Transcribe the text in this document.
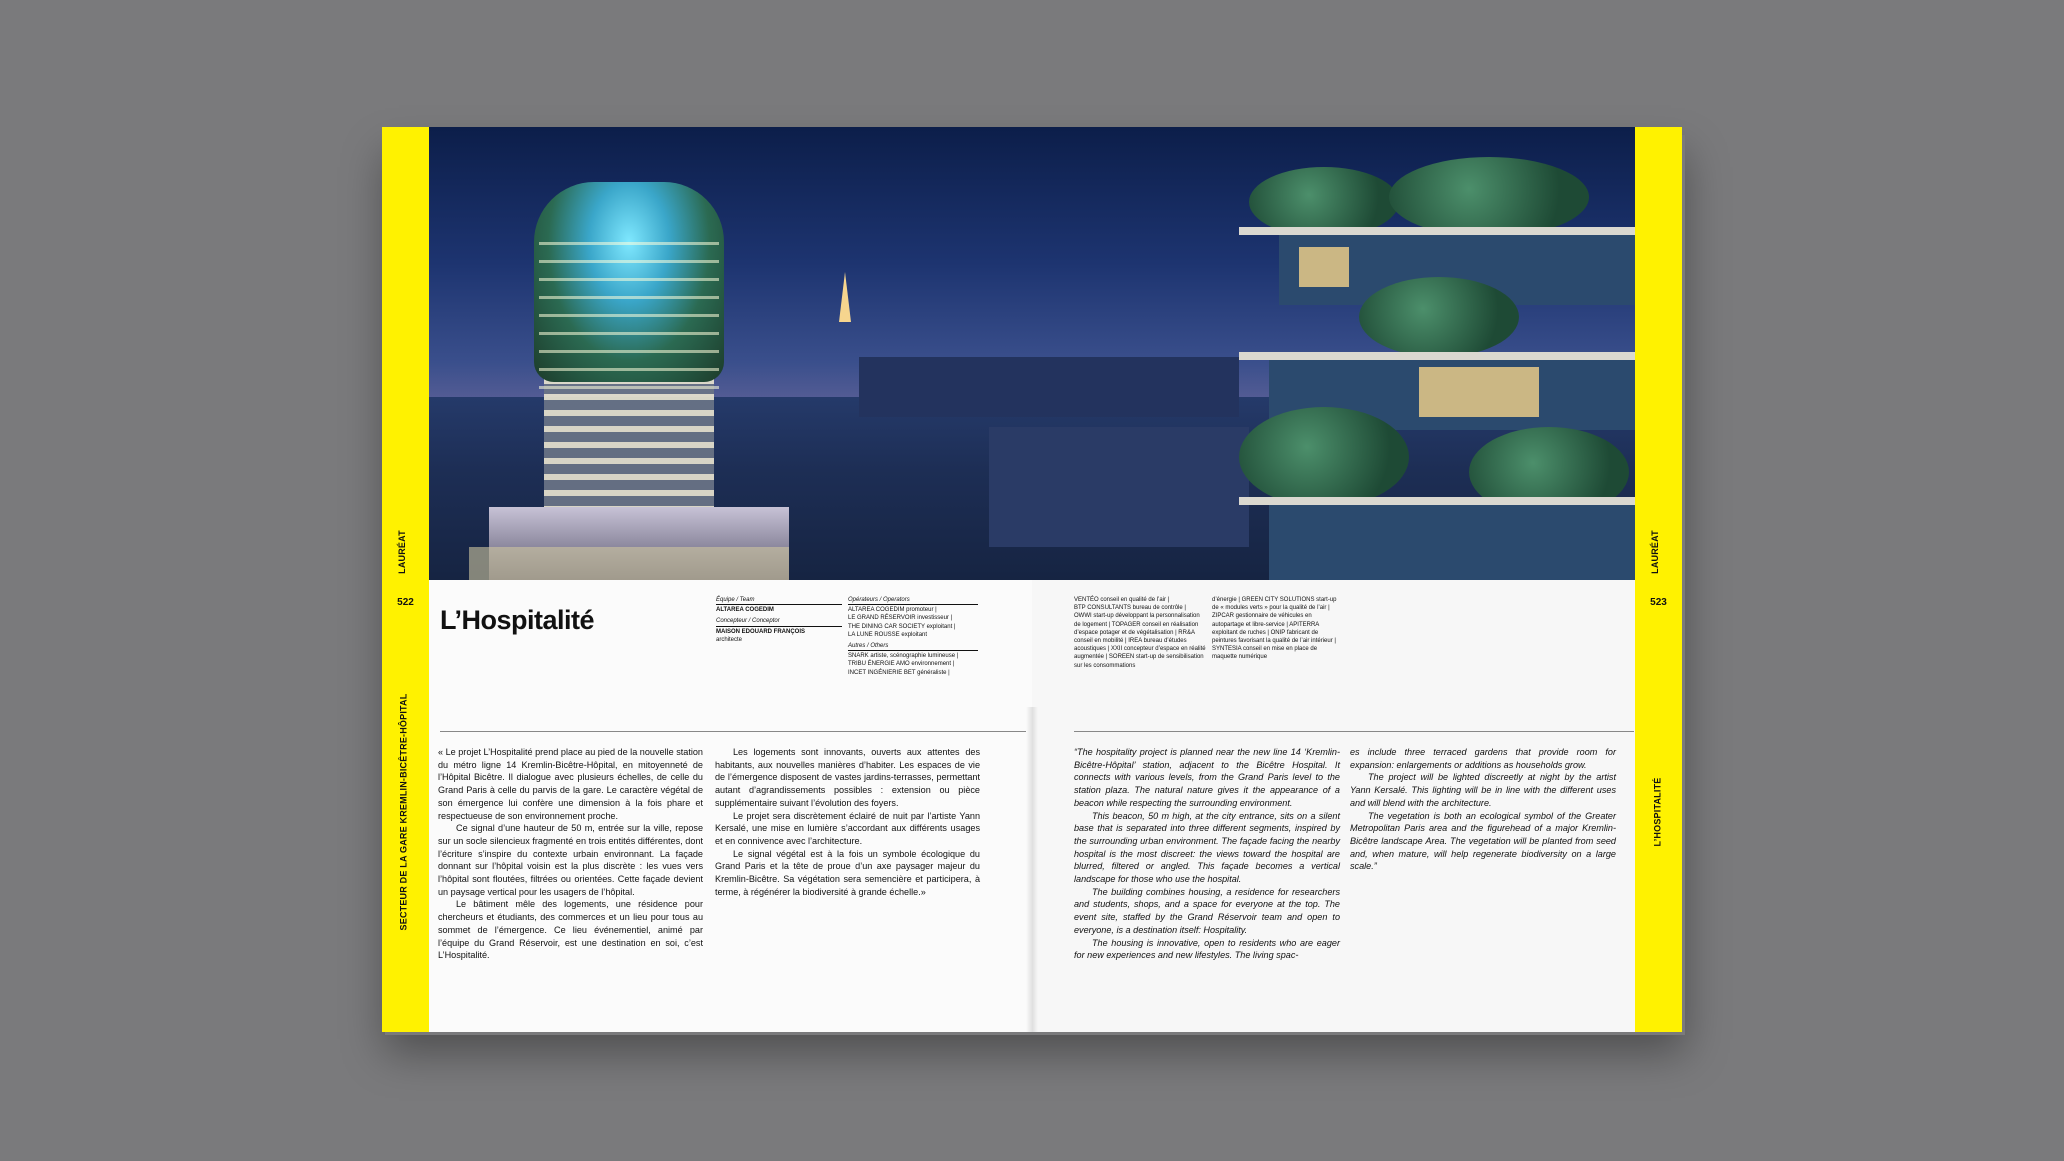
LAURÉAT
522
SECTEUR DE LA GARE KREMLIN-BICÊTRE-HÔPITAL
L’Hospitalité
Équipe / Team
ALTAREA COGEDIM
Concepteur / Conceptor
MAISON EDOUARD FRANÇOIS
architecte
Opérateurs / Operators
ALTAREA COGEDIM promoteur |
LE GRAND RÉSERVOIR investisseur |
THE DINING CAR SOCIETY exploitant |
LA LUNE ROUSSE exploitant
Autres / Others
SNARK artiste, scénographie lumineuse |
TRIBU ÉNERGIE AMO environnement |
INCET INGÉNIERIE BET généraliste |

« Le projet L’Hospitalité prend place au pied de la nouvelle station du métro ligne 14 Kremlin-Bicêtre-Hôpital, en mitoyenneté de l’Hôpital Bicêtre. Il dialogue avec plusieurs échelles, de celle du Grand Paris à celle du parvis de la gare. Le caractère végétal de son émergence lui confère une dimension à la fois phare et respectueuse de son environnement proche.

Ce signal d’une hauteur de 50 m, entrée sur la ville, repose sur un socle silencieux fragmenté en trois entités différentes, dont l’écriture s’inspire du contexte urbain environnant. La façade donnant sur l’hôpital voisin est la plus discrète : les vues vers l’hôpital sont floutées, filtrées ou orientées. Cette façade devient un paysage vertical pour les usagers de l’hôpital.

Le bâtiment mêle des logements, une résidence pour chercheurs et étudiants, des commerces et un lieu pour tous au sommet de l’émergence. Ce lieu événementiel, animé par l’équipe du Grand Réservoir, est une destination en soi, c’est L’Hospitalité.

Les logements sont innovants, ouverts aux attentes des habitants, aux nouvelles manières d’habiter. Les espaces de vie de l’émergence disposent de vastes jardins-terrasses, permettant autant d’agrandissements possibles : extension ou pièce supplémentaire suivant l’évolution des foyers.

Le projet sera discrètement éclairé de nuit par l’artiste Yann Kersalé, une mise en lumière s’accordant aux différents usages et en connivence avec l’architecture.

Le signal végétal est à la fois un symbole écologique du Grand Paris et la tête de proue d’un axe paysager majeur du Kremlin-Bicêtre. Sa végétation sera semencière et participera, à terme, à régénérer la biodiversité à grande échelle.»

LAURÉAT
523
L’HOSPITALITÉ
VENTÉO conseil en qualité de l’air |
BTP CONSULTANTS bureau de contrôle |
OWWI start-up développant la personnalisation de logement | TOPAGER conseil en réalisation d’espace potager et de végétalisation | RR&A conseil en mobilité | IREA bureau d’études acoustiques | XXII concepteur d’espace en réalité augmentée | SOREEN start-up de sensibilisation sur les consommations
d’énergie | GREEN CITY SOLUTIONS start-up de « modules verts » pour la qualité de l’air | ZIPCAR gestionnaire de véhicules en autopartage et libre-service | APITERRA exploitant de ruches | ONIP fabricant de peintures favorisant la qualité de l’air intérieur | SYNTESIA conseil en mise en place de maquette numérique

“The hospitality project is planned near the new line 14 ‘Kremlin-Bicêtre-Hôpital’ station, adjacent to the Bicêtre Hospital. It connects with various levels, from the Grand Paris level to the station plaza. The natural nature gives it the appearance of a beacon while respecting the surrounding environment.

This beacon, 50 m high, at the city entrance, sits on a silent base that is separated into three different segments, inspired by the surrounding urban environment. The façade facing the nearby hospital is the most discreet: the views toward the hospital are blurred, filtered or angled. This façade becomes a vertical landscape for those who use the hospital.

The building combines housing, a residence for researchers and students, shops, and a space for everyone at the top. The event site, staffed by the Grand Réservoir team and open to everyone, is a destination itself: Hospitality.

The housing is innovative, open to residents who are eager for new experiences and new lifestyles. The living spac-

es include three terraced gardens that provide room for expansion: enlargements or additions as households grow.

The project will be lighted discreetly at night by the artist Yann Kersalé. This lighting will be in line with the different uses and will blend with the architecture.

The vegetation is both an ecological symbol of the Greater Metropolitan Paris area and the figurehead of a major Kremlin-Bicêtre landscape Area. The vegetation will be planted from seed and, when mature, will help regenerate biodiversity on a large scale.”
